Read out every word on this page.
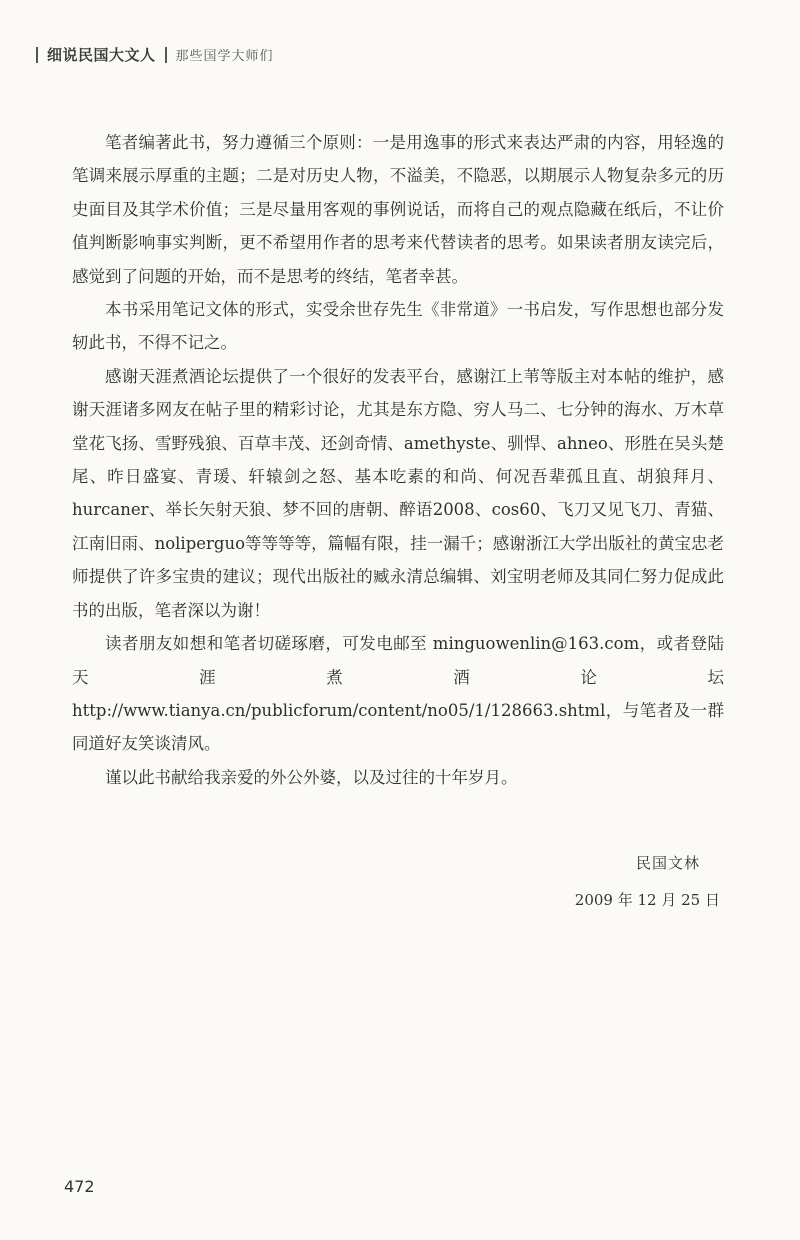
细说民国大文人 那些国学大师们

笔者编著此书，努力遵循三个原则：一是用逸事的形式来表达严肃的内容，用轻逸的笔调来展示厚重的主题；二是对历史人物，不溢美，不隐恶，以期展示人物复杂多元的历史面目及其学术价值；三是尽量用客观的事例说话，而将自己的观点隐藏在纸后，不让价值判断影响事实判断，更不希望用作者的思考来代替读者的思考。如果读者朋友读完后，感觉到了问题的开始，而不是思考的终结，笔者幸甚。

本书采用笔记文体的形式，实受余世存先生《非常道》一书启发，写作思想也部分发轫此书，不得不记之。

感谢天涯煮酒论坛提供了一个很好的发表平台，感谢江上苇等版主对本帖的维护，感谢天涯诸多网友在帖子里的精彩讨论，尤其是东方隐、穷人马二、七分钟的海水、万木草堂花飞扬、雪野残狼、百草丰茂、还剑奇情、amethyste、驯悍、ahneo、形胜在吴头楚尾、昨日盛宴、青瑗、轩辕剑之怒、基本吃素的和尚、何况吾辈孤且直、胡狼拜月、hurcaner、举长矢射天狼、梦不回的唐朝、醉语2008、cos60、飞刀又见飞刀、青猫、江南旧雨、noliperguo等等等等，篇幅有限，挂一漏千；感谢浙江大学出版社的黄宝忠老师提供了许多宝贵的建议；现代出版社的臧永清总编辑、刘宝明老师及其同仁努力促成此书的出版，笔者深以为谢！

读者朋友如想和笔者切磋琢磨，可发电邮至 minguowenlin@163.com，或者登陆天涯煮酒论坛 http://www.tianya.cn/publicforum/content/no05/1/128663.shtml，与笔者及一群同道好友笑谈清风。

谨以此书献给我亲爱的外公外婆，以及过往的十年岁月。

民国文林
2009 年 12 月 25 日
472
